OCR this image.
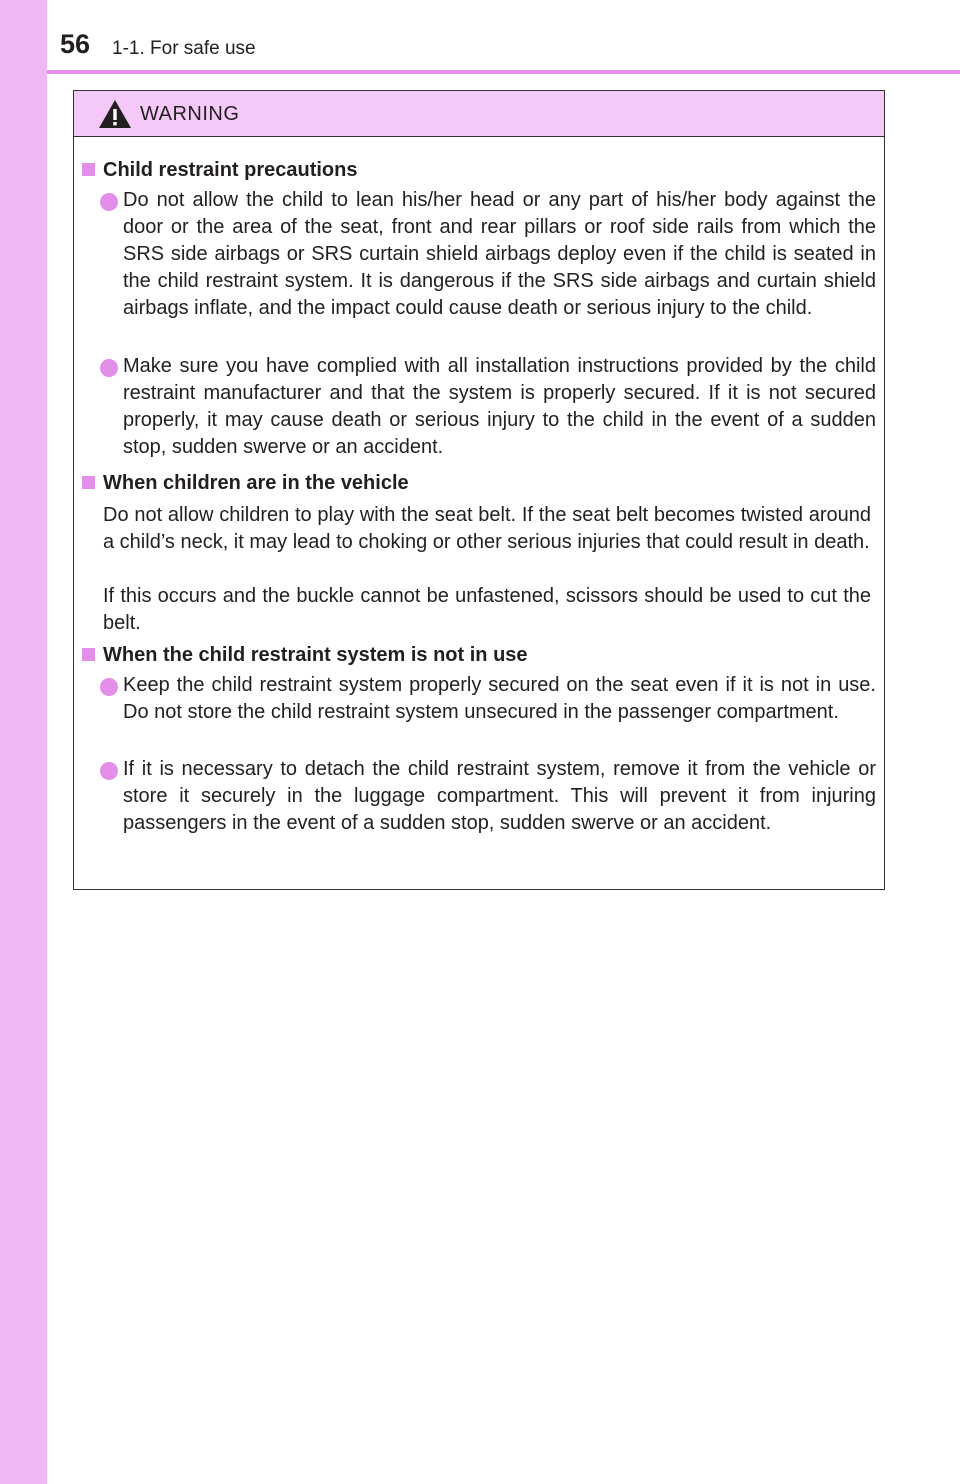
56 1-1. For safe use
WARNING
Child restraint precautions
Do not allow the child to lean his/her head or any part of his/her body against the door or the area of the seat, front and rear pillars or roof side rails from which the SRS side airbags or SRS curtain shield airbags deploy even if the child is seated in the child restraint system. It is dangerous if the SRS side airbags and curtain shield airbags inflate, and the impact could cause death or serious injury to the child.
Make sure you have complied with all installation instructions provided by the child restraint manufacturer and that the system is properly secured. If it is not secured properly, it may cause death or serious injury to the child in the event of a sudden stop, sudden swerve or an accident.
When children are in the vehicle
Do not allow children to play with the seat belt. If the seat belt becomes twisted around a child’s neck, it may lead to choking or other serious injuries that could result in death.
If this occurs and the buckle cannot be unfastened, scissors should be used to cut the belt.
When the child restraint system is not in use
Keep the child restraint system properly secured on the seat even if it is not in use. Do not store the child restraint system unsecured in the passenger compartment.
If it is necessary to detach the child restraint system, remove it from the vehicle or store it securely in the luggage compartment. This will prevent it from injuring passengers in the event of a sudden stop, sudden swerve or an accident.
